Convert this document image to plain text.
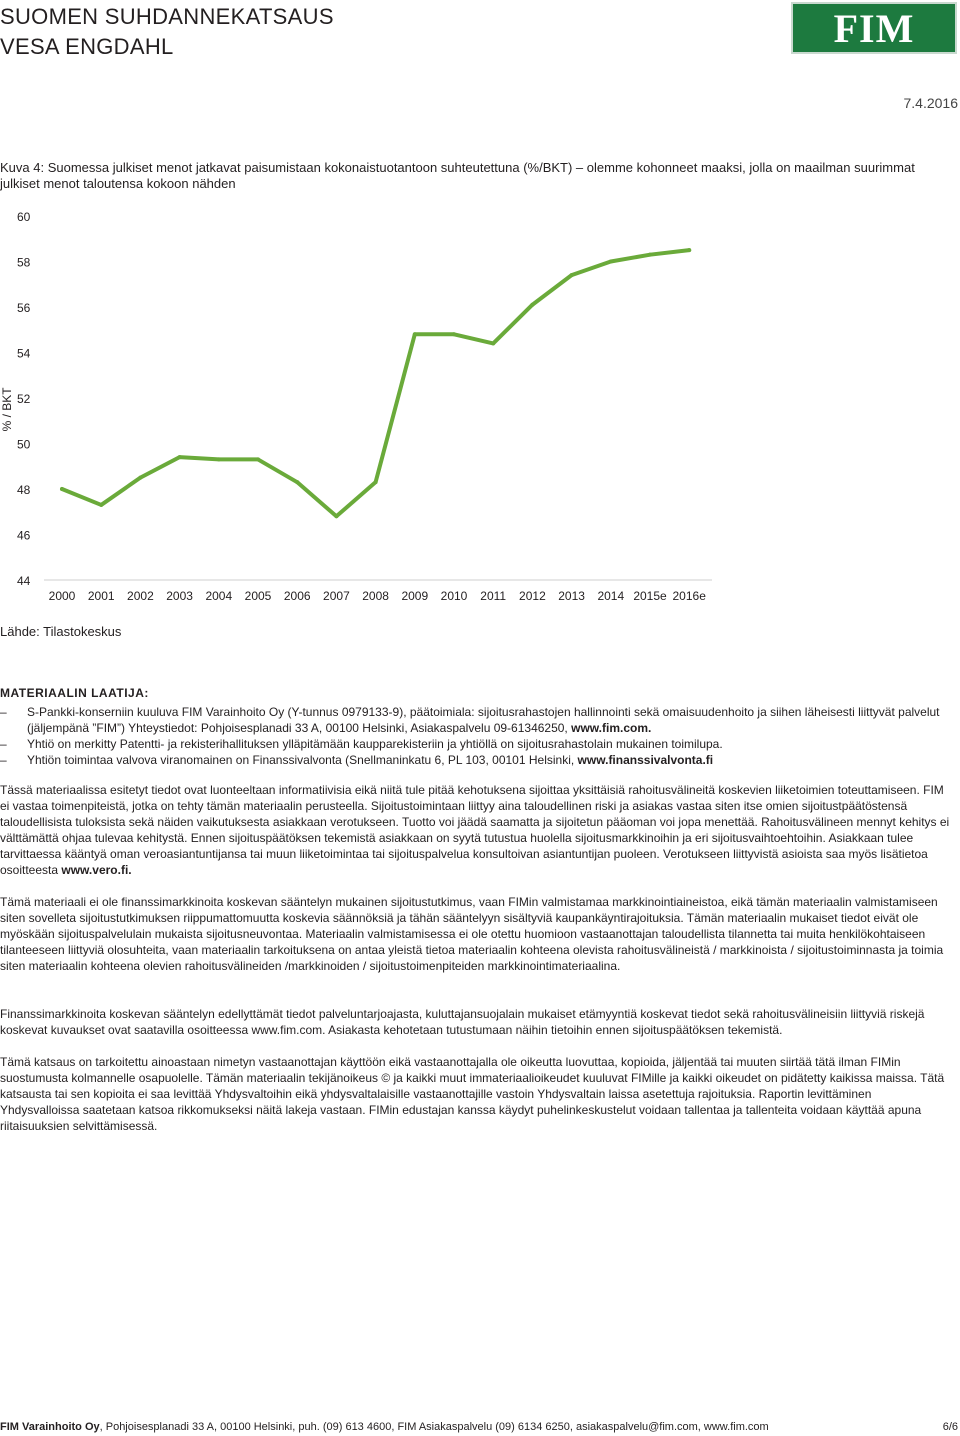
SUOMEN SUHDANNEKATSAUS
VESA ENGDAHL	FIM
7.4.2016
Kuva 4: Suomessa julkiset menot jatkavat paisumistaan kokonaistuotantoon suhteutettuna (%/BKT) – olemme kohonneet maaksi, jolla on maailman suurimmat julkiset menot taloutensa kokoon nähden
60
58
56
54
52
50
48
46
44
% / BKT
2000 2001 2002 2003 2004 2005 2006 2007 2008 2009 2010 2011 2012 2013 2014 2015e 2016e
Lähde: Tilastokeskus
MATERIAALIN LAATIJA:
– S-Pankki-konserniin kuuluva FIM Varainhoito Oy (Y-tunnus 0979133-9), päätoimiala: sijoitusrahastojen hallinnointi sekä omaisuudenhoito ja siihen läheisesti liittyvät palvelut (jäljempänä ”FIM”) Yhteystiedot: Pohjoisesplanadi 33 A, 00100 Helsinki, Asiakaspalvelu 09-61346250, www.fim.com.
– Yhtiö on merkitty Patentti- ja rekisterihallituksen ylläpitämään kaupparekisteriin ja yhtiöllä on sijoitusrahastolain mukainen toimilupa.
– Yhtiön toimintaa valvova viranomainen on Finanssivalvonta (Snellmaninkatu 6, PL 103, 00101 Helsinki, www.finanssivalvonta.fi
Tässä materiaalissa esitetyt tiedot ovat luonteeltaan informatiivisia eikä niitä tule pitää kehotuksena sijoittaa yksittäisiä rahoitusvälineitä koskevien liiketoimien toteuttamiseen. FIM ei vastaa toimenpiteistä, jotka on tehty tämän materiaalin perusteella. Sijoitustoimintaan liittyy aina taloudellinen riski ja asiakas vastaa siten itse omien sijoitustpäätöstensä taloudellisista tuloksista sekä näiden vaikutuksesta asiakkaan verotukseen. Tuotto voi jäädä saamatta ja sijoitetun pääoman voi jopa menettää. Rahoitusvälineen mennyt kehitys ei välttämättä ohjaa tulevaa kehitystä. Ennen sijoituspäätöksen tekemistä asiakkaan on syytä tutustua huolella sijoitusmarkkinoihin ja eri sijoitusvaihtoehtoihin. Asiakkaan tulee tarvittaessa kääntyä oman veroasiantuntijansa tai muun liiketoimintaa tai sijoituspalvelua konsultoivan asiantuntijan puoleen. Verotukseen liittyvistä asioista saa myös lisätietoa osoitteesta www.vero.fi.
Tämä materiaali ei ole finanssimarkkinoita koskevan sääntelyn mukainen sijoitustutkimus, vaan FIMin valmistamaa markkinointiaineistoa, eikä tämän materiaalin valmistamiseen siten sovelleta sijoitustutkimuksen riippumattomuutta koskevia säännöksiä ja tähän sääntelyyn sisältyviä kaupankäyntirajoituksia. Tämän materiaalin mukaiset tiedot eivät ole myöskään sijoituspalvelulain mukaista sijoitusneuvontaa. Materiaalin valmistamisessa ei ole otettu huomioon vastaanottajan taloudellista tilannetta tai muita henkilökohtaiseen tilanteeseen liittyviä olosuhteita, vaan materiaalin tarkoituksena on antaa yleistä tietoa materiaalin kohteena olevista rahoitusvälineistä / markkinoista / sijoitustoiminnasta ja toimia siten materiaalin kohteena olevien rahoitusvälineiden /markkinoiden / sijoitustoimenpiteiden markkinointimateriaalina.
Finanssimarkkinoita koskevan sääntelyn edellyttämät tiedot palveluntarjoajasta, kuluttajansuojalain mukaiset etämyyntiä koskevat tiedot sekä rahoitusvälineisiin liittyviä riskejä koskevat kuvaukset ovat saatavilla osoitteessa www.fim.com. Asiakasta kehotetaan tutustumaan näihin tietoihin ennen sijoituspäätöksen tekemistä.
Tämä katsaus on tarkoitettu ainoastaan nimetyn vastaanottajan käyttöön eikä vastaanottajalla ole oikeutta luovuttaa, kopioida, jäljentää tai muuten siirtää tätä ilman FIMin suostumusta kolmannelle osapuolelle. Tämän materiaalin tekijänoikeus © ja kaikki muut immateriaalioikeudet kuuluvat FIMille ja kaikki oikeudet on pidätetty kaikissa maissa. Tätä katsausta tai sen kopioita ei saa levittää Yhdysvaltoihin eikä yhdysvaltalaisille vastaanottajille vastoin Yhdysvaltain laissa asetettuja rajoituksia. Raportin levittäminen Yhdysvalloissa saatetaan katsoa rikkomukseksi näitä lakeja vastaan. FIMin edustajan kanssa käydyt puhelinkeskustelut voidaan tallentaa ja tallenteita voidaan käyttää apuna riitaisuuksien selvittämisessä.
FIM Varainhoito Oy, Pohjoisesplanadi 33 A, 00100 Helsinki, puh. (09) 613 4600, FIM Asiakaspalvelu (09) 6134 6250, asiakaspalvelu@fim.com, www.fim.com	6/6
